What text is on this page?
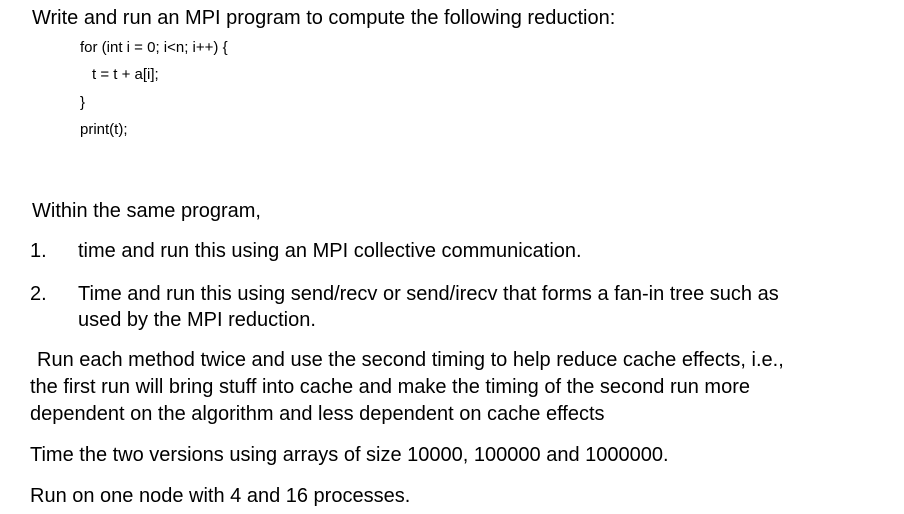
Write and run an MPI program to compute the following reduction:
for (int i = 0; i<n; i++) {
t = t + a[i];
}
print(t);
Within the same program,
1. time and run this using an MPI collective communication.
2. Time and run this using send/recv or send/irecv that forms a fan-in tree such as
used by the MPI reduction.
Run each method twice and use the second timing to help reduce cache effects, i.e.,
the first run will bring stuff into cache and make the timing of the second run more
dependent on the algorithm and less dependent on cache effects
Time the two versions using arrays of size 10000, 100000 and 1000000.
Run on one node with 4 and 16 processes.
